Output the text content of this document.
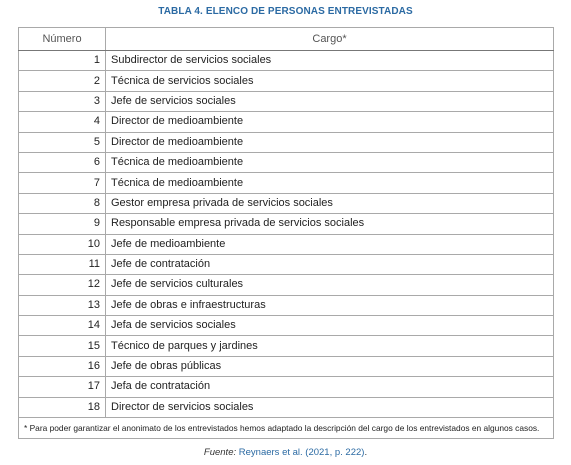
TABLA 4. ELENCO DE PERSONAS ENTREVISTADAS
Número	Cargo*
1	Subdirector de servicios sociales
2	Técnica de servicios sociales
3	Jefe de servicios sociales
4	Director de medioambiente
5	Director de medioambiente
6	Técnica de medioambiente
7	Técnica de medioambiente
8	Gestor empresa privada de servicios sociales
9	Responsable empresa privada de servicios sociales
10	Jefe de medioambiente
11	Jefe de contratación
12	Jefe de servicios culturales
13	Jefe de obras e infraestructuras
14	Jefa de servicios sociales
15	Técnico de parques y jardines
16	Jefe de obras públicas
17	Jefa de contratación
18	Director de servicios sociales
* Para poder garantizar el anonimato de los entrevistados hemos adaptado la descripción del cargo de los entrevistados en algunos casos.	
Fuente: Reynaers et al. (2021, p. 222).
